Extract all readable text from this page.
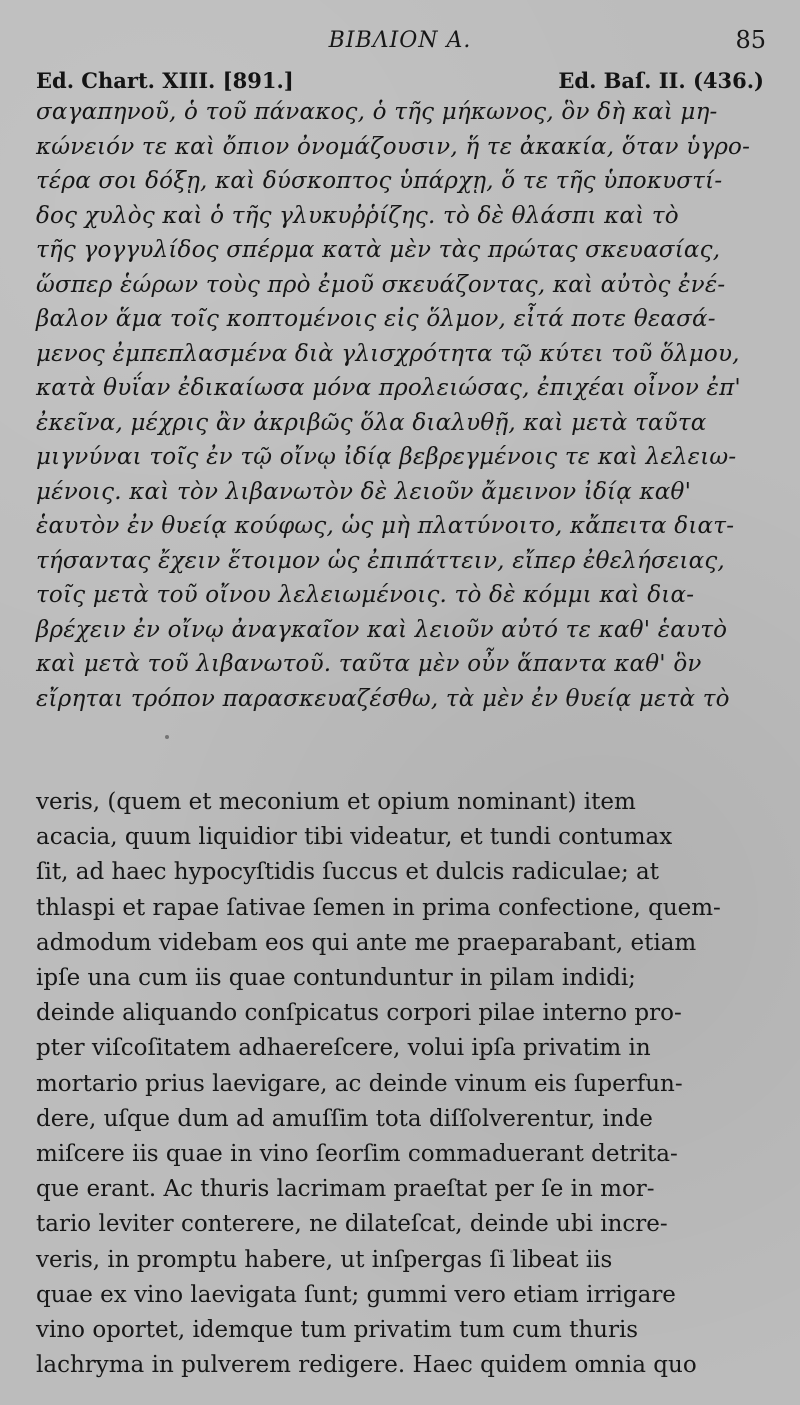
BIBΛΙΟΝ Α.	85
Ed. Chart. XIII. [891.]	Ed. Baſ. II. (436.)
σαγαπηνοῦ, ὁ τοῦ πάνακος, ὁ τῆς μήκωνος, ὃν δὴ καὶ μη-
κώνειόν τε καὶ ὄπιον ὀνομάζουσιν, ἥ τε ἀκακία, ὅταν ὑγρο-
τέρα σοι δόξῃ, καὶ δύσκοπτος ὑπάρχῃ, ὅ τε τῆς ὑποκυστί-
δος χυλὸς καὶ ὁ τῆς γλυκυῤῥίζης. τὸ δὲ θλάσπι καὶ τὸ
τῆς γογγυλίδος σπέρμα κατὰ μὲν τὰς πρώτας σκευασίας,
ὥσπερ ἑώρων τοὺς πρὸ ἐμοῦ σκευάζοντας, καὶ αὐτὸς ἐνέ-
βαλον ἅμα τοῖς κοπτομένοις εἰς ὅλμον, εἶτά ποτε θεασά-
μενος ἐμπεπλασμένα διὰ γλισχρότητα τῷ κύτει τοῦ ὅλμου,
κατὰ θυΐαν ἐδικαίωσα μόνα προλειώσας, ἐπιχέαι οἶνον ἐπ'
ἐκεῖνα, μέχρις ἂν ἀκριβῶς ὅλα διαλυθῇ, καὶ μετὰ ταῦτα
μιγνύναι τοῖς ἐν τῷ οἴνῳ ἰδίᾳ βεβρεγμένοις τε καὶ λελειω-
μένοις. καὶ τὸν λιβανωτὸν δὲ λειοῦν ἄμεινον ἰδίᾳ καθ'
ἑαυτὸν ἐν θυείᾳ κούφως, ὡς μὴ πλατύνοιτο, κἄπειτα διατ-
τήσαντας ἔχειν ἕτοιμον ὡς ἐπιπάττειν, εἴπερ ἐθελήσειας,
τοῖς μετὰ τοῦ οἴνου λελειωμένοις. τὸ δὲ κόμμι καὶ δια-
βρέχειν ἐν οἴνῳ ἀναγκαῖον καὶ λειοῦν αὐτό τε καθ' ἑαυτὸ
καὶ μετὰ τοῦ λιβανωτοῦ. ταῦτα μὲν οὖν ἅπαντα καθ' ὃν
εἴρηται τρόπον παρασκευαζέσθω, τὰ μὲν ἐν θυείᾳ μετὰ τὸ
veris, (quem et meconium et opium nominant) item
acacia, quum liquidior tibi videatur, et tundi contumax
ſit, ad haec hypocyſtidis ſuccus et dulcis radiculae; at
thlaspi et rapae ſativae ſemen in prima confectione, quem-
admodum videbam eos qui ante me praeparabant, etiam
ipſe una cum iis quae contunduntur in pilam indidi;
deinde aliquando conſpicatus corpori pilae interno pro-
pter viſcoſitatem adhaereſcere, volui ipſa privatim in
mortario prius laevigare, ac deinde vinum eis ſuperfun-
dere, uſque dum ad amuſſim tota diſſolverentur, inde
miſcere iis quae in vino ſeorſim commaduerant detrita-
que erant. Ac thuris lacrimam praeſtat per ſe in mor-
tario leviter conterere, ne dilateſcat, deinde ubi incre-
veris, in promptu habere, ut inſpergas ſi libeat iis
quae ex vino laevigata ſunt; gummi vero etiam irrigare
vino oportet, idemque tum privatim tum cum thuris
lachryma in pulverem redigere. Haec quidem omnia quo
